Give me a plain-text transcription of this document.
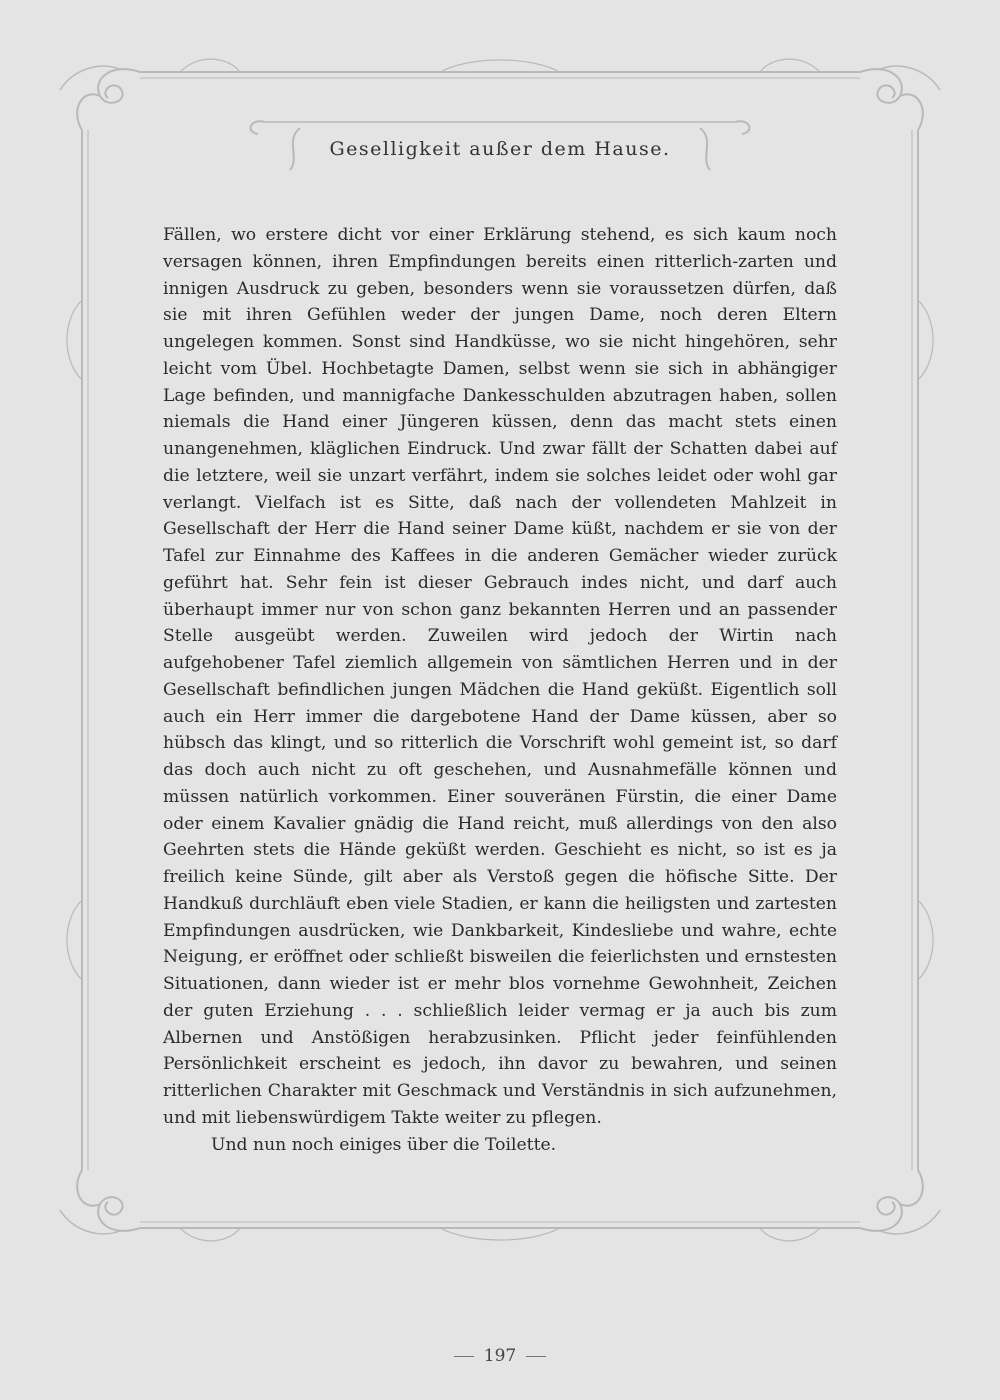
Geselligkeit außer dem Hause.

Fällen, wo erstere dicht vor einer Erklärung stehend, es sich kaum noch versagen können, ihren Empfindungen bereits einen ritterlich-zarten und innigen Ausdruck zu geben, besonders wenn sie voraussetzen dürfen, daß sie mit ihren Gefühlen weder der jungen Dame, noch deren Eltern ungelegen kommen. Sonst sind Handküsse, wo sie nicht hingehören, sehr leicht vom Übel. Hochbetagte Damen, selbst wenn sie sich in abhängiger Lage befinden, und mannigfache Dankesschulden abzutragen haben, sollen niemals die Hand einer Jüngeren küssen, denn das macht stets einen unangenehmen, kläglichen Eindruck. Und zwar fällt der Schatten dabei auf die letztere, weil sie unzart verfährt, indem sie solches leidet oder wohl gar verlangt. Vielfach ist es Sitte, daß nach der vollendeten Mahlzeit in Gesellschaft der Herr die Hand seiner Dame küßt, nachdem er sie von der Tafel zur Einnahme des Kaffees in die anderen Gemächer wieder zurück geführt hat. Sehr fein ist dieser Gebrauch indes nicht, und darf auch überhaupt immer nur von schon ganz bekannten Herren und an passender Stelle ausgeübt werden. Zuweilen wird jedoch der Wirtin nach aufgehobener Tafel ziemlich allgemein von sämtlichen Herren und in der Gesellschaft befindlichen jungen Mädchen die Hand geküßt. Eigentlich soll auch ein Herr immer die dargebotene Hand der Dame küssen, aber so hübsch das klingt, und so ritterlich die Vorschrift wohl gemeint ist, so darf das doch auch nicht zu oft geschehen, und Ausnahmefälle können und müssen natürlich vorkommen. Einer souveränen Fürstin, die einer Dame oder einem Kavalier gnädig die Hand reicht, muß allerdings von den also Geehrten stets die Hände geküßt werden. Geschieht es nicht, so ist es ja freilich keine Sünde, gilt aber als Verstoß gegen die höfische Sitte. Der Handkuß durchläuft eben viele Stadien, er kann die heiligsten und zartesten Empfindungen ausdrücken, wie Dankbarkeit, Kindesliebe und wahre, echte Neigung, er eröffnet oder schließt bisweilen die feierlichsten und ernstesten Situationen, dann wieder ist er mehr blos vornehme Gewohnheit, Zeichen der guten Erziehung . . . schließlich leider vermag er ja auch bis zum Albernen und Anstößigen herabzusinken. Pflicht jeder feinfühlenden Persönlichkeit erscheint es jedoch, ihn davor zu bewahren, und seinen ritterlichen Charakter mit Geschmack und Verständnis in sich aufzunehmen, und mit liebenswürdigem Takte weiter zu pflegen.

Und nun noch einiges über die Toilette.

197
